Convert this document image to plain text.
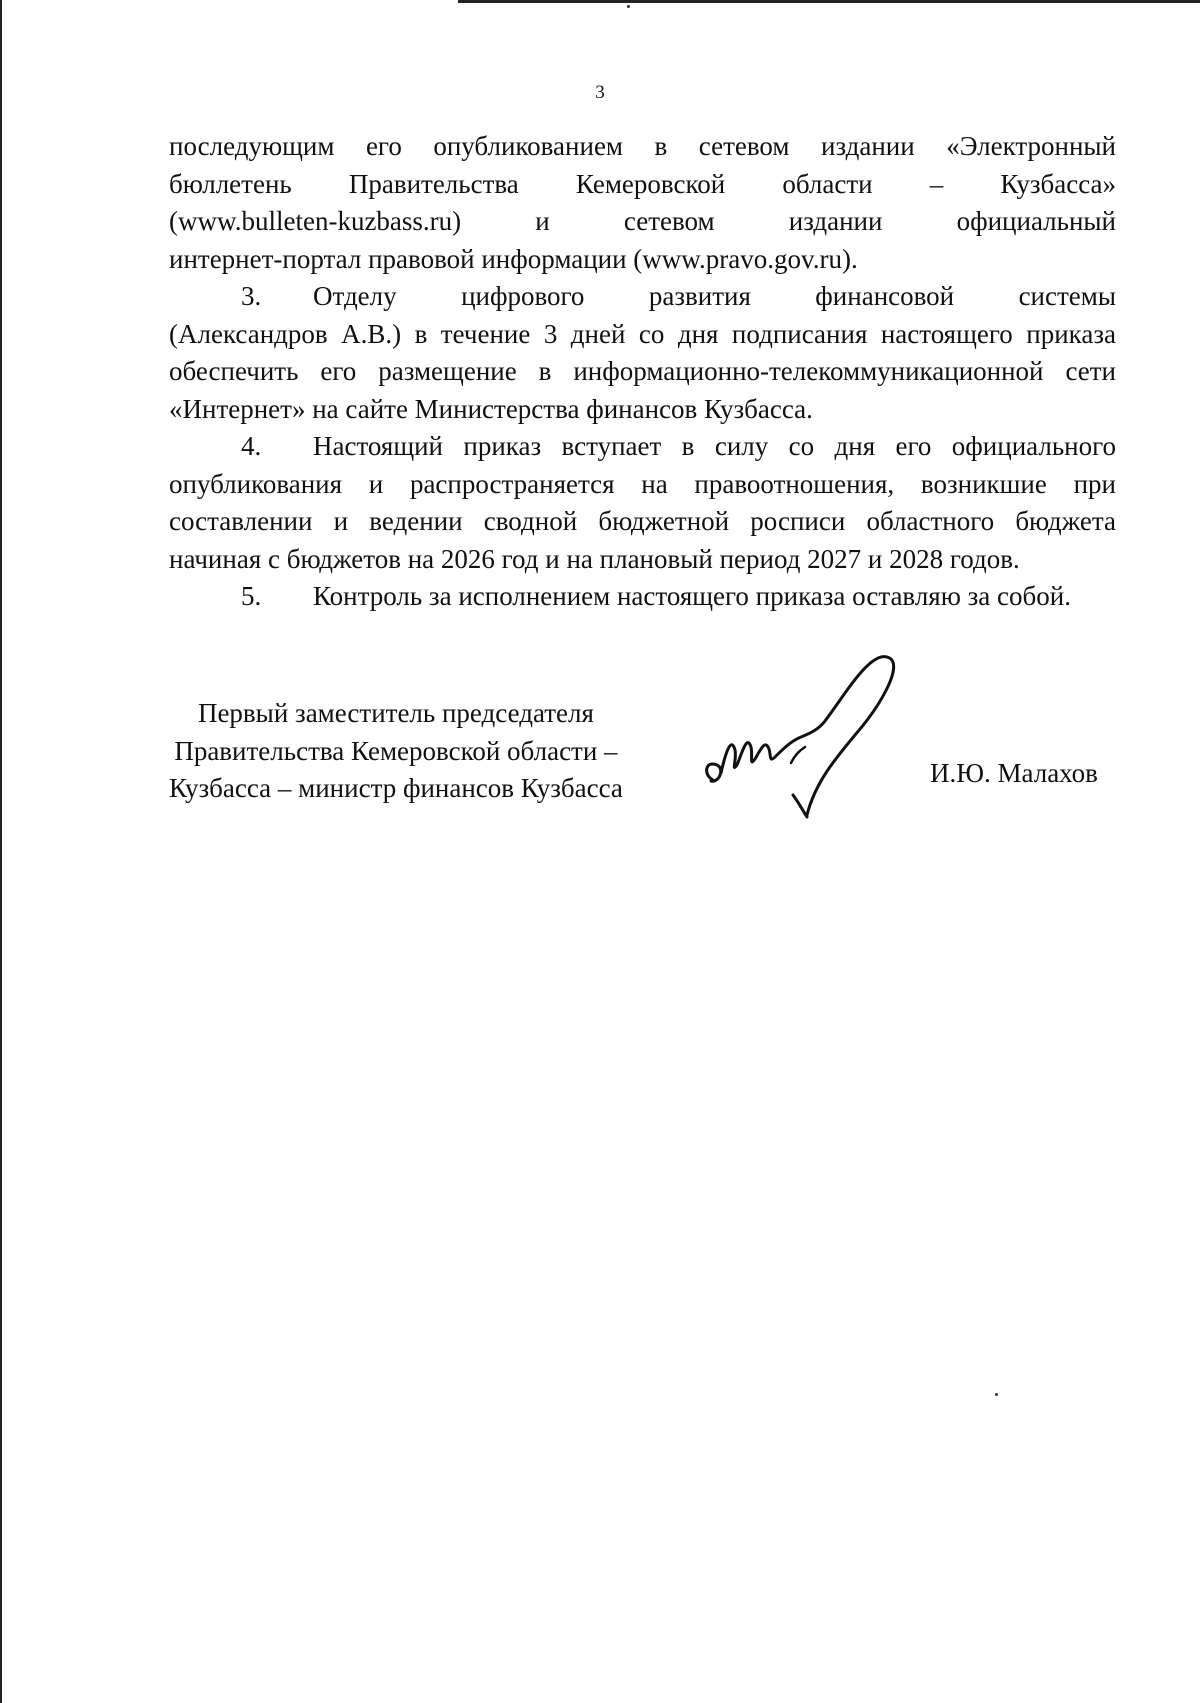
3

последующим его опубликованием в сетевом издании «Электронный
бюллетень Правительства Кемеровской области – Кузбасса»
(www.bulleten-kuzbass.ru) и сетевом издании официальный
интернет-портал правовой информации (www.pravo.gov.ru).

3. Отделу цифрового развития финансовой системы
(Александров А.В.) в течение 3 дней со дня подписания настоящего приказа
обеспечить его размещение в информационно-телекоммуникационной сети
«Интернет» на сайте Министерства финансов Кузбасса.

4. Настоящий приказ вступает в силу со дня его официального
опубликования и распространяется на правоотношения, возникшие при
составлении и ведении сводной бюджетной росписи областного бюджета
начиная с бюджетов на 2026 год и на плановый период 2027 и 2028 годов.

5. Контроль за исполнением настоящего приказа оставляю за собой.

Первый заместитель председателя
Правительства Кемеровской области –
Кузбасса – министр финансов Кузбасса	И.Ю. Малахов
